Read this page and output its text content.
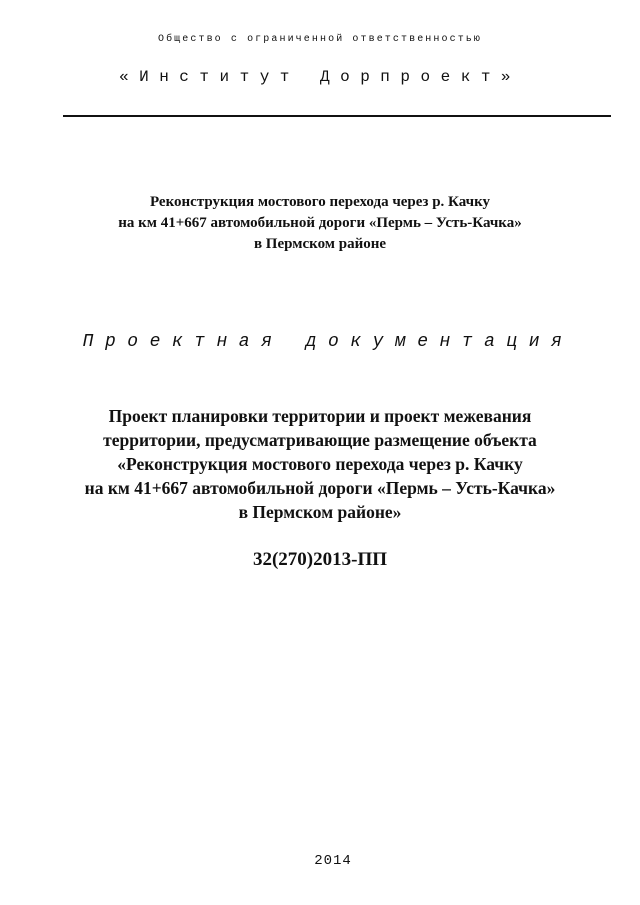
Общество с ограниченной ответственностью
«Институт Дорпроект»
Реконструкция мостового перехода через р. Качку
на км 41+667 автомобильной дороги «Пермь – Усть-Качка»
в Пермском районе
Проектная документация
Проект планировки территории и проект межевания
территории, предусматривающие размещение объекта
«Реконструкция мостового перехода через р. Качку
на км 41+667 автомобильной дороги «Пермь – Усть-Качка»
в Пермском районе»
32(270)2013-ПП
2014
